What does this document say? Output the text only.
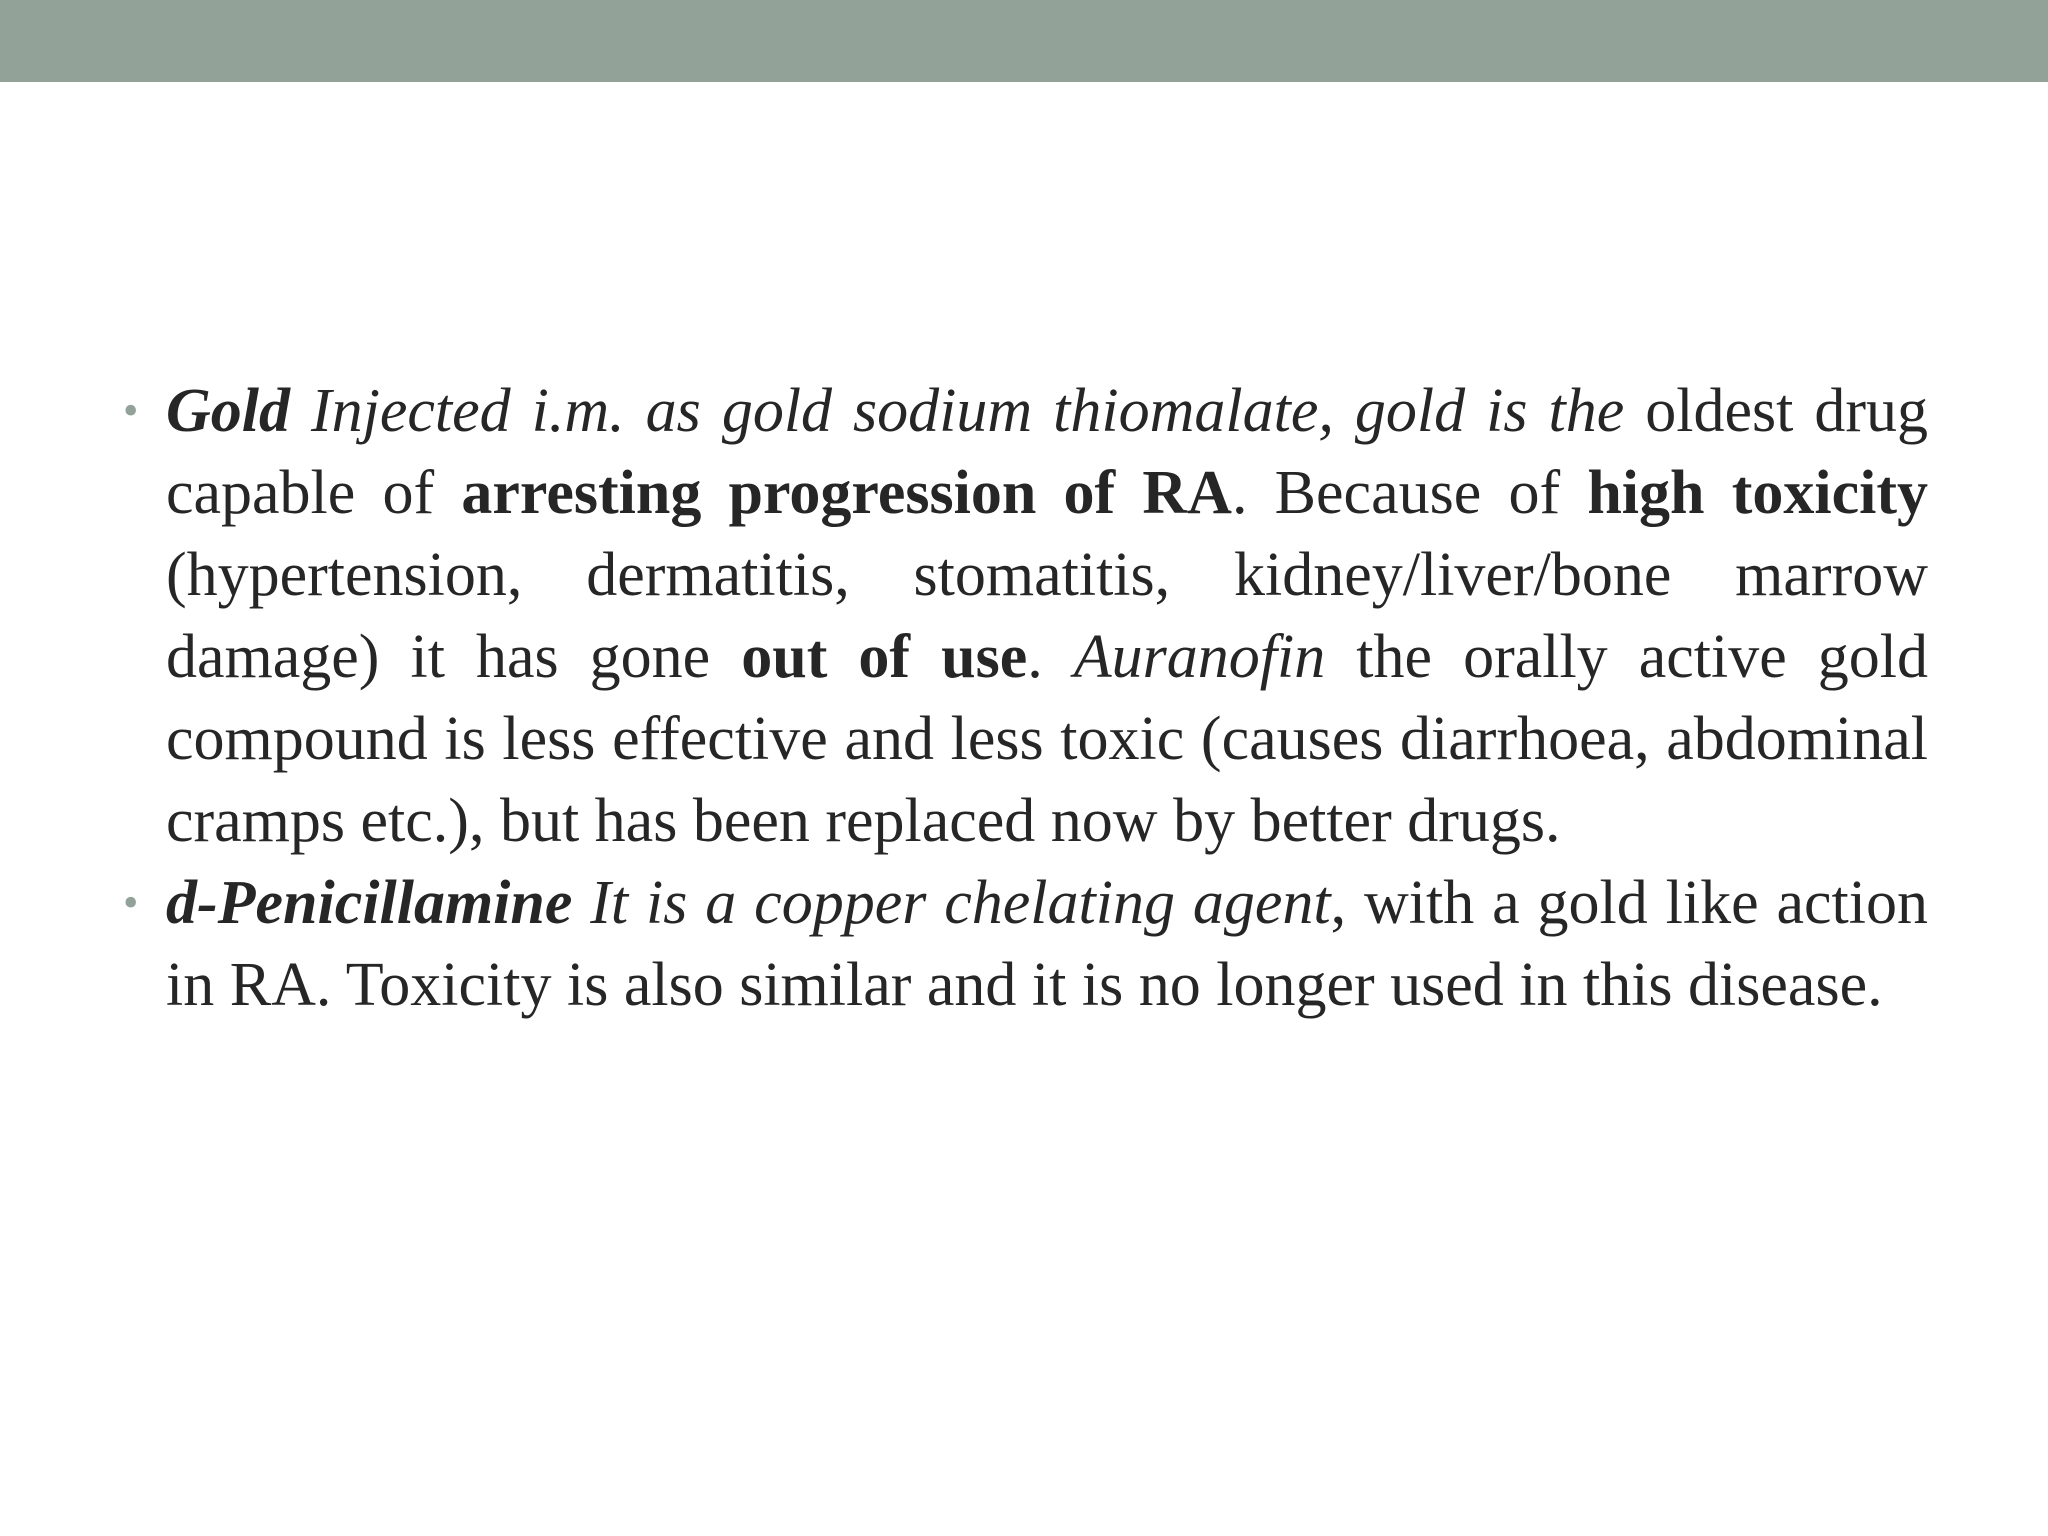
• Gold Injected i.m. as gold sodium thiomalate, gold is the oldest drug capable of arresting progression of RA. Because of high toxicity (hypertension, dermatitis, stomatitis, kidney/liver/bone marrow damage) it has gone out of use. Auranofin the orally active gold compound is less effective and less toxic (causes diarrhoea, abdominal cramps etc.), but has been replaced now by better drugs.
• d-Penicillamine It is a copper chelating agent, with a gold like action in RA. Toxicity is also similar and it is no longer used in this disease.
